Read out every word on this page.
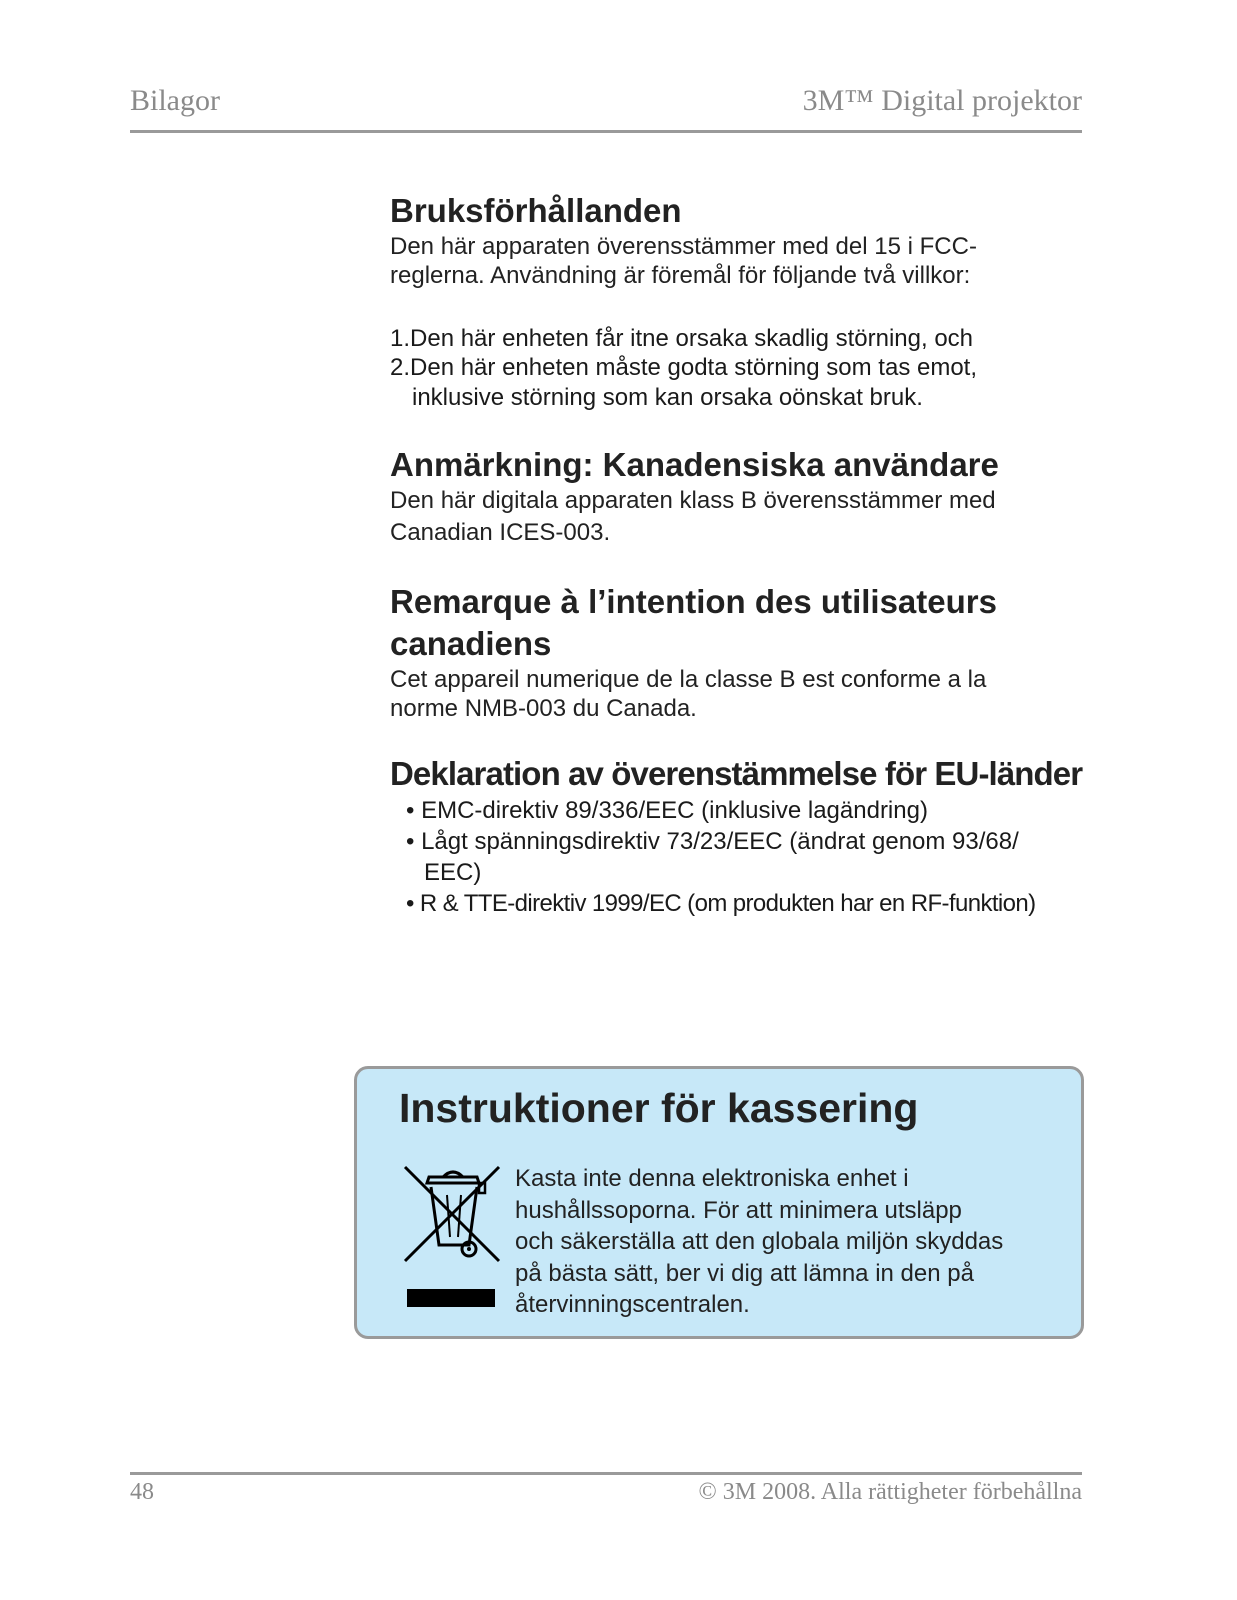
Bilagor	3M™ Digital projektor
Bruksförhållanden

Den här apparaten överensstämmer med del 15 i FCC-

reglerna. Användning är föremål för följande två villkor:

1.Den här enheten får itne orsaka skadlig störning, och
2.Den här enheten måste godta störning som tas emot,
inklusive störning som kan orsaka oönskat bruk.
Anmärkning: Kanadensiska användare

Den här digitala apparaten klass B överensstämmer med

Canadian ICES-003.

Remarque à l’intention des utilisateurs
canadiens

Cet appareil numerique de la classe B est conforme a la

norme NMB-003 du Canada.

Deklaration av överenstämmelse för EU-länder
• EMC-direktiv 89/336/EEC (inklusive lagändring)
• Lågt spänningsdirektiv 73/23/EEC (ändrat genom 93/68/
EEC)
• R & TTE-direktiv 1999/EC (om produkten har en RF-funktion)
Instruktioner för kassering
Kasta inte denna elektroniska enhet i
hushållssoporna. För att minimera utsläpp
och säkerställa att den globala miljön skyddas
på bästa sätt, ber vi dig att lämna in den på
återvinningscentralen.
48	© 3M 2008. Alla rättigheter förbehållna
